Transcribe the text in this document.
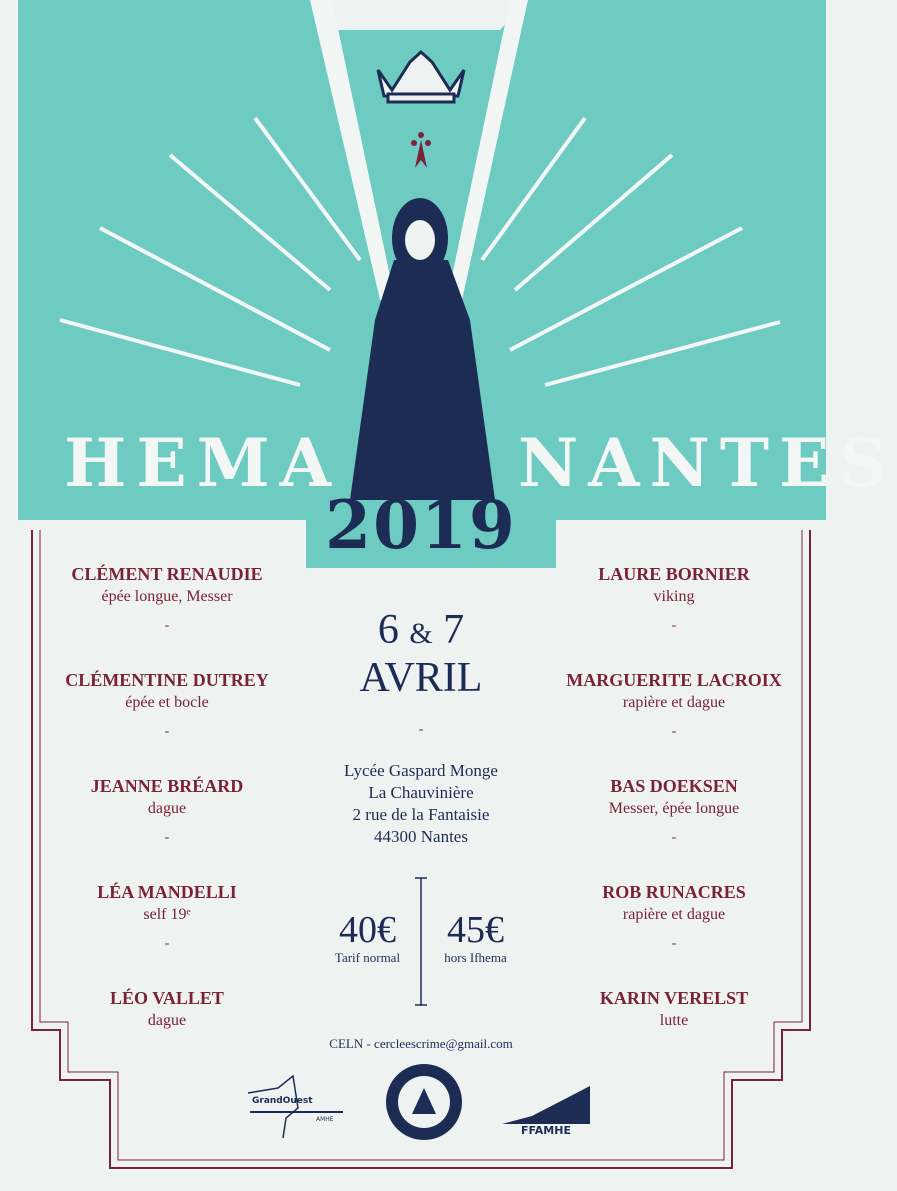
HEMA	NANTES
2019
CLÉMENT RENAUDIE
épée longue, Messer
-
CLÉMENTINE DUTREY
épée et bocle
-
JEANNE BRÉARD
dague
-
LÉA MANDELLI
self 19ᵉ
-
LÉO VALLET
dague
LAURE BORNIER
viking
-
MARGUERITE LACROIX
rapière et dague
-
BAS DOEKSEN
Messer, épée longue
-
ROB RUNACRES
rapière et dague
-
KARIN VERELST
lutte
6 & 7
AVRIL
-
Lycée Gaspard Monge
La Chauvinière
2 rue de la Fantaisie
44300 Nantes
40€
Tarif normal
45€
hors Ifhema
CELN - cercleescrime@gmail.com
GrandOuest
AMHE
FFAMHE
